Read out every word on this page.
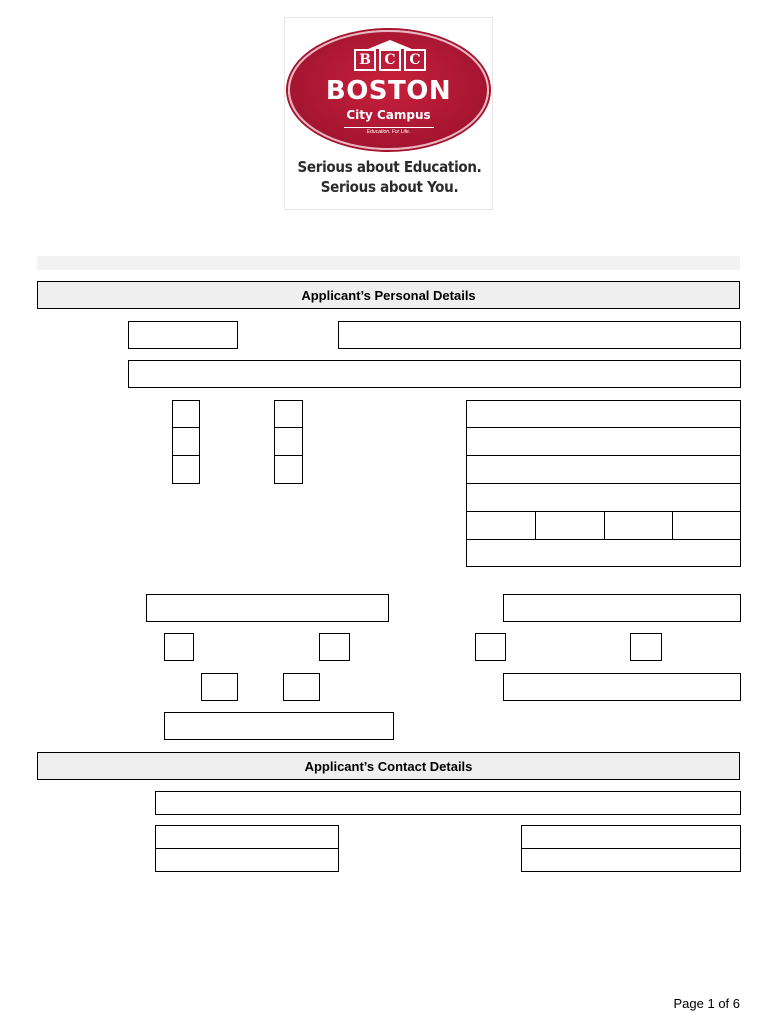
B C C
BOSTON
City Campus
Education. For Life.
Serious about Education.
Serious about You.
Applicant’s Personal Details
Applicant’s Contact Details
Page 1 of 6
